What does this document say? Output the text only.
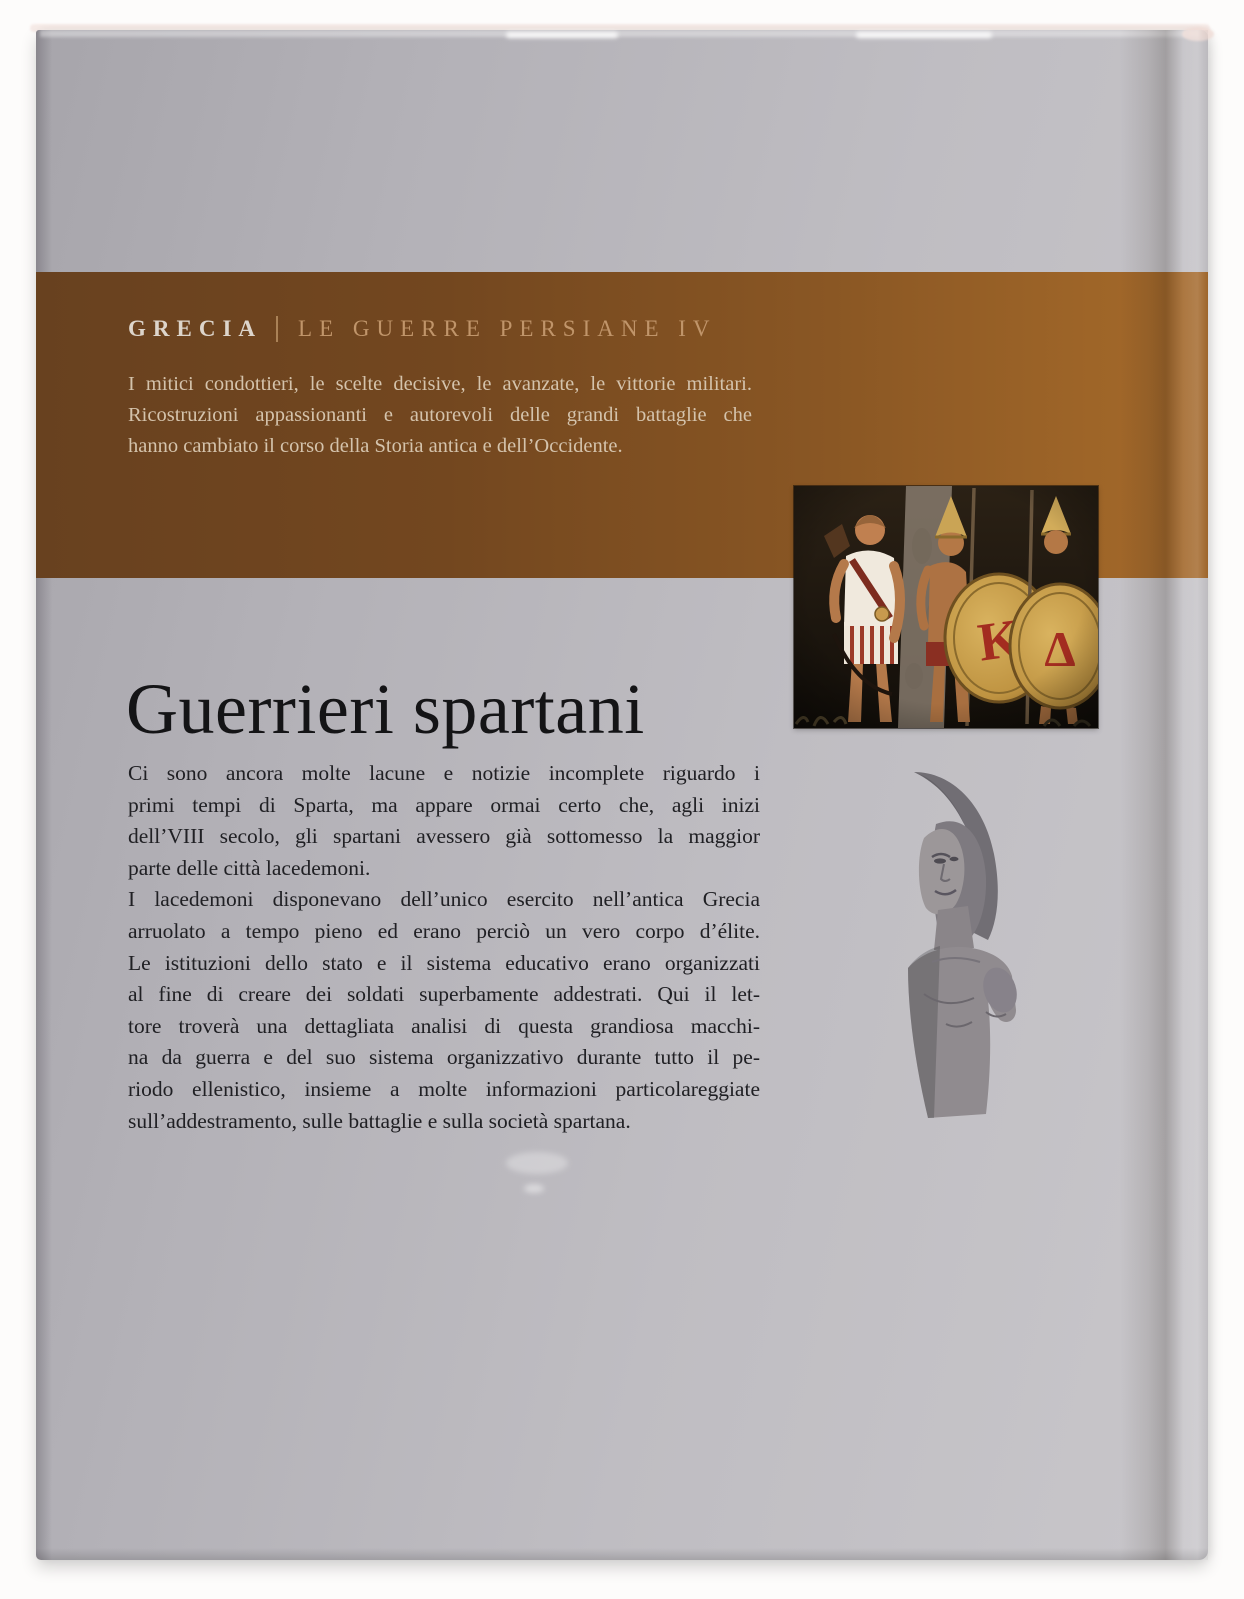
GRECIA LE GUERRE PERSIANE IV
I mitici condottieri, le scelte decisive, le avanzate, le vittorie militari.
Ricostruzioni appassionanti e autorevoli delle grandi battaglie che
hanno cambiato il corso della Storia antica e dell’Occidente.
Guerrieri spartani
Ci sono ancora molte lacune e notizie incomplete riguardo i
primi tempi di Sparta, ma appare ormai certo che, agli inizi
dell’VIII secolo, gli spartani avessero già sottomesso la maggior
parte delle città lacedemoni.
I lacedemoni disponevano dell’unico esercito nell’antica Grecia
arruolato a tempo pieno ed erano perciò un vero corpo d’élite.
Le istituzioni dello stato e il sistema educativo erano organizzati
al fine di creare dei soldati superbamente addestrati. Qui il let-
tore troverà una dettagliata analisi di questa grandiosa macchi-
na da guerra e del suo sistema organizzativo durante tutto il pe-
riodo ellenistico, insieme a molte informazioni particolareggiate
sull’addestramento, sulle battaglie e sulla società spartana.
